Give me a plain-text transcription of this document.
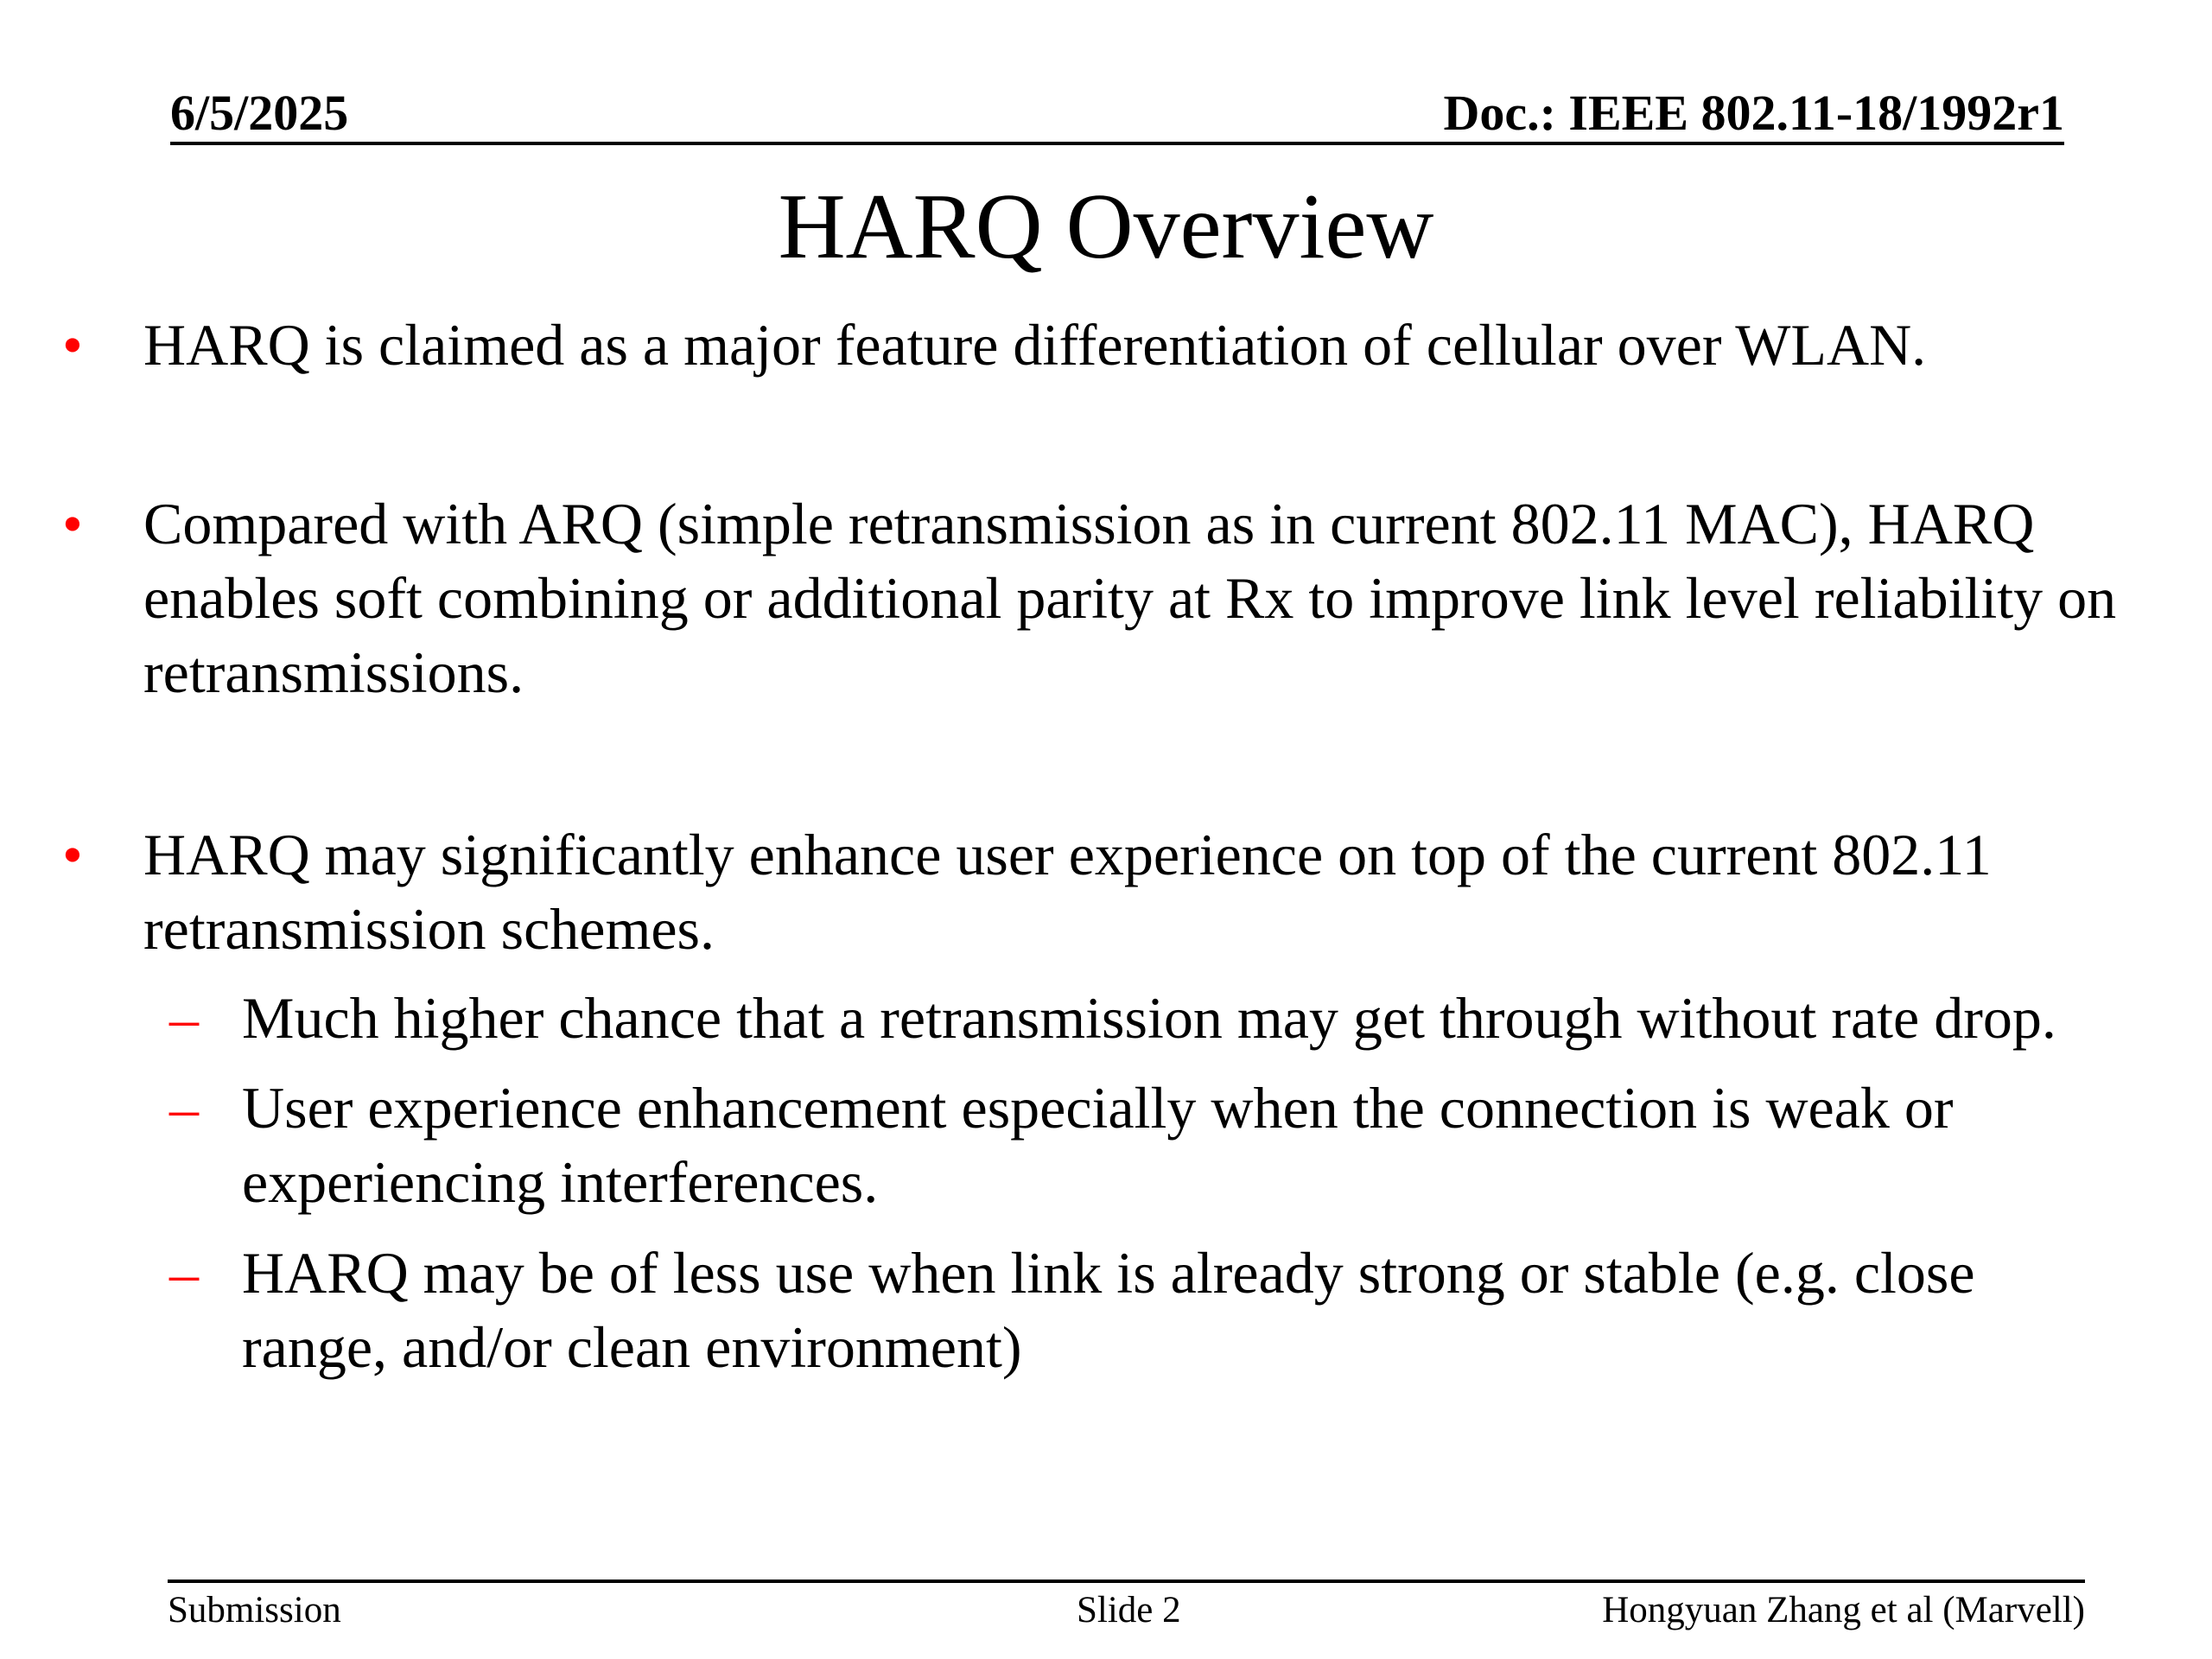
6/5/2025	Doc.: IEEE 802.11-18/1992r1
HARQ Overview
• HARQ is claimed as a major feature differentiation of cellular over WLAN.
• Compared with ARQ (simple retransmission as in current 802.11 MAC), HARQ enables soft combining or additional parity at Rx to improve link level reliability on retransmissions.
• HARQ may significantly enhance user experience on top of the current 802.11 retransmission schemes.
– Much higher chance that a retransmission may get through without rate drop.
– User experience enhancement especially when the connection is weak or experiencing interferences.
– HARQ may be of less use when link is already strong or stable (e.g. close range, and/or clean environment)
Submission	Slide 2	Hongyuan Zhang et al (Marvell)
